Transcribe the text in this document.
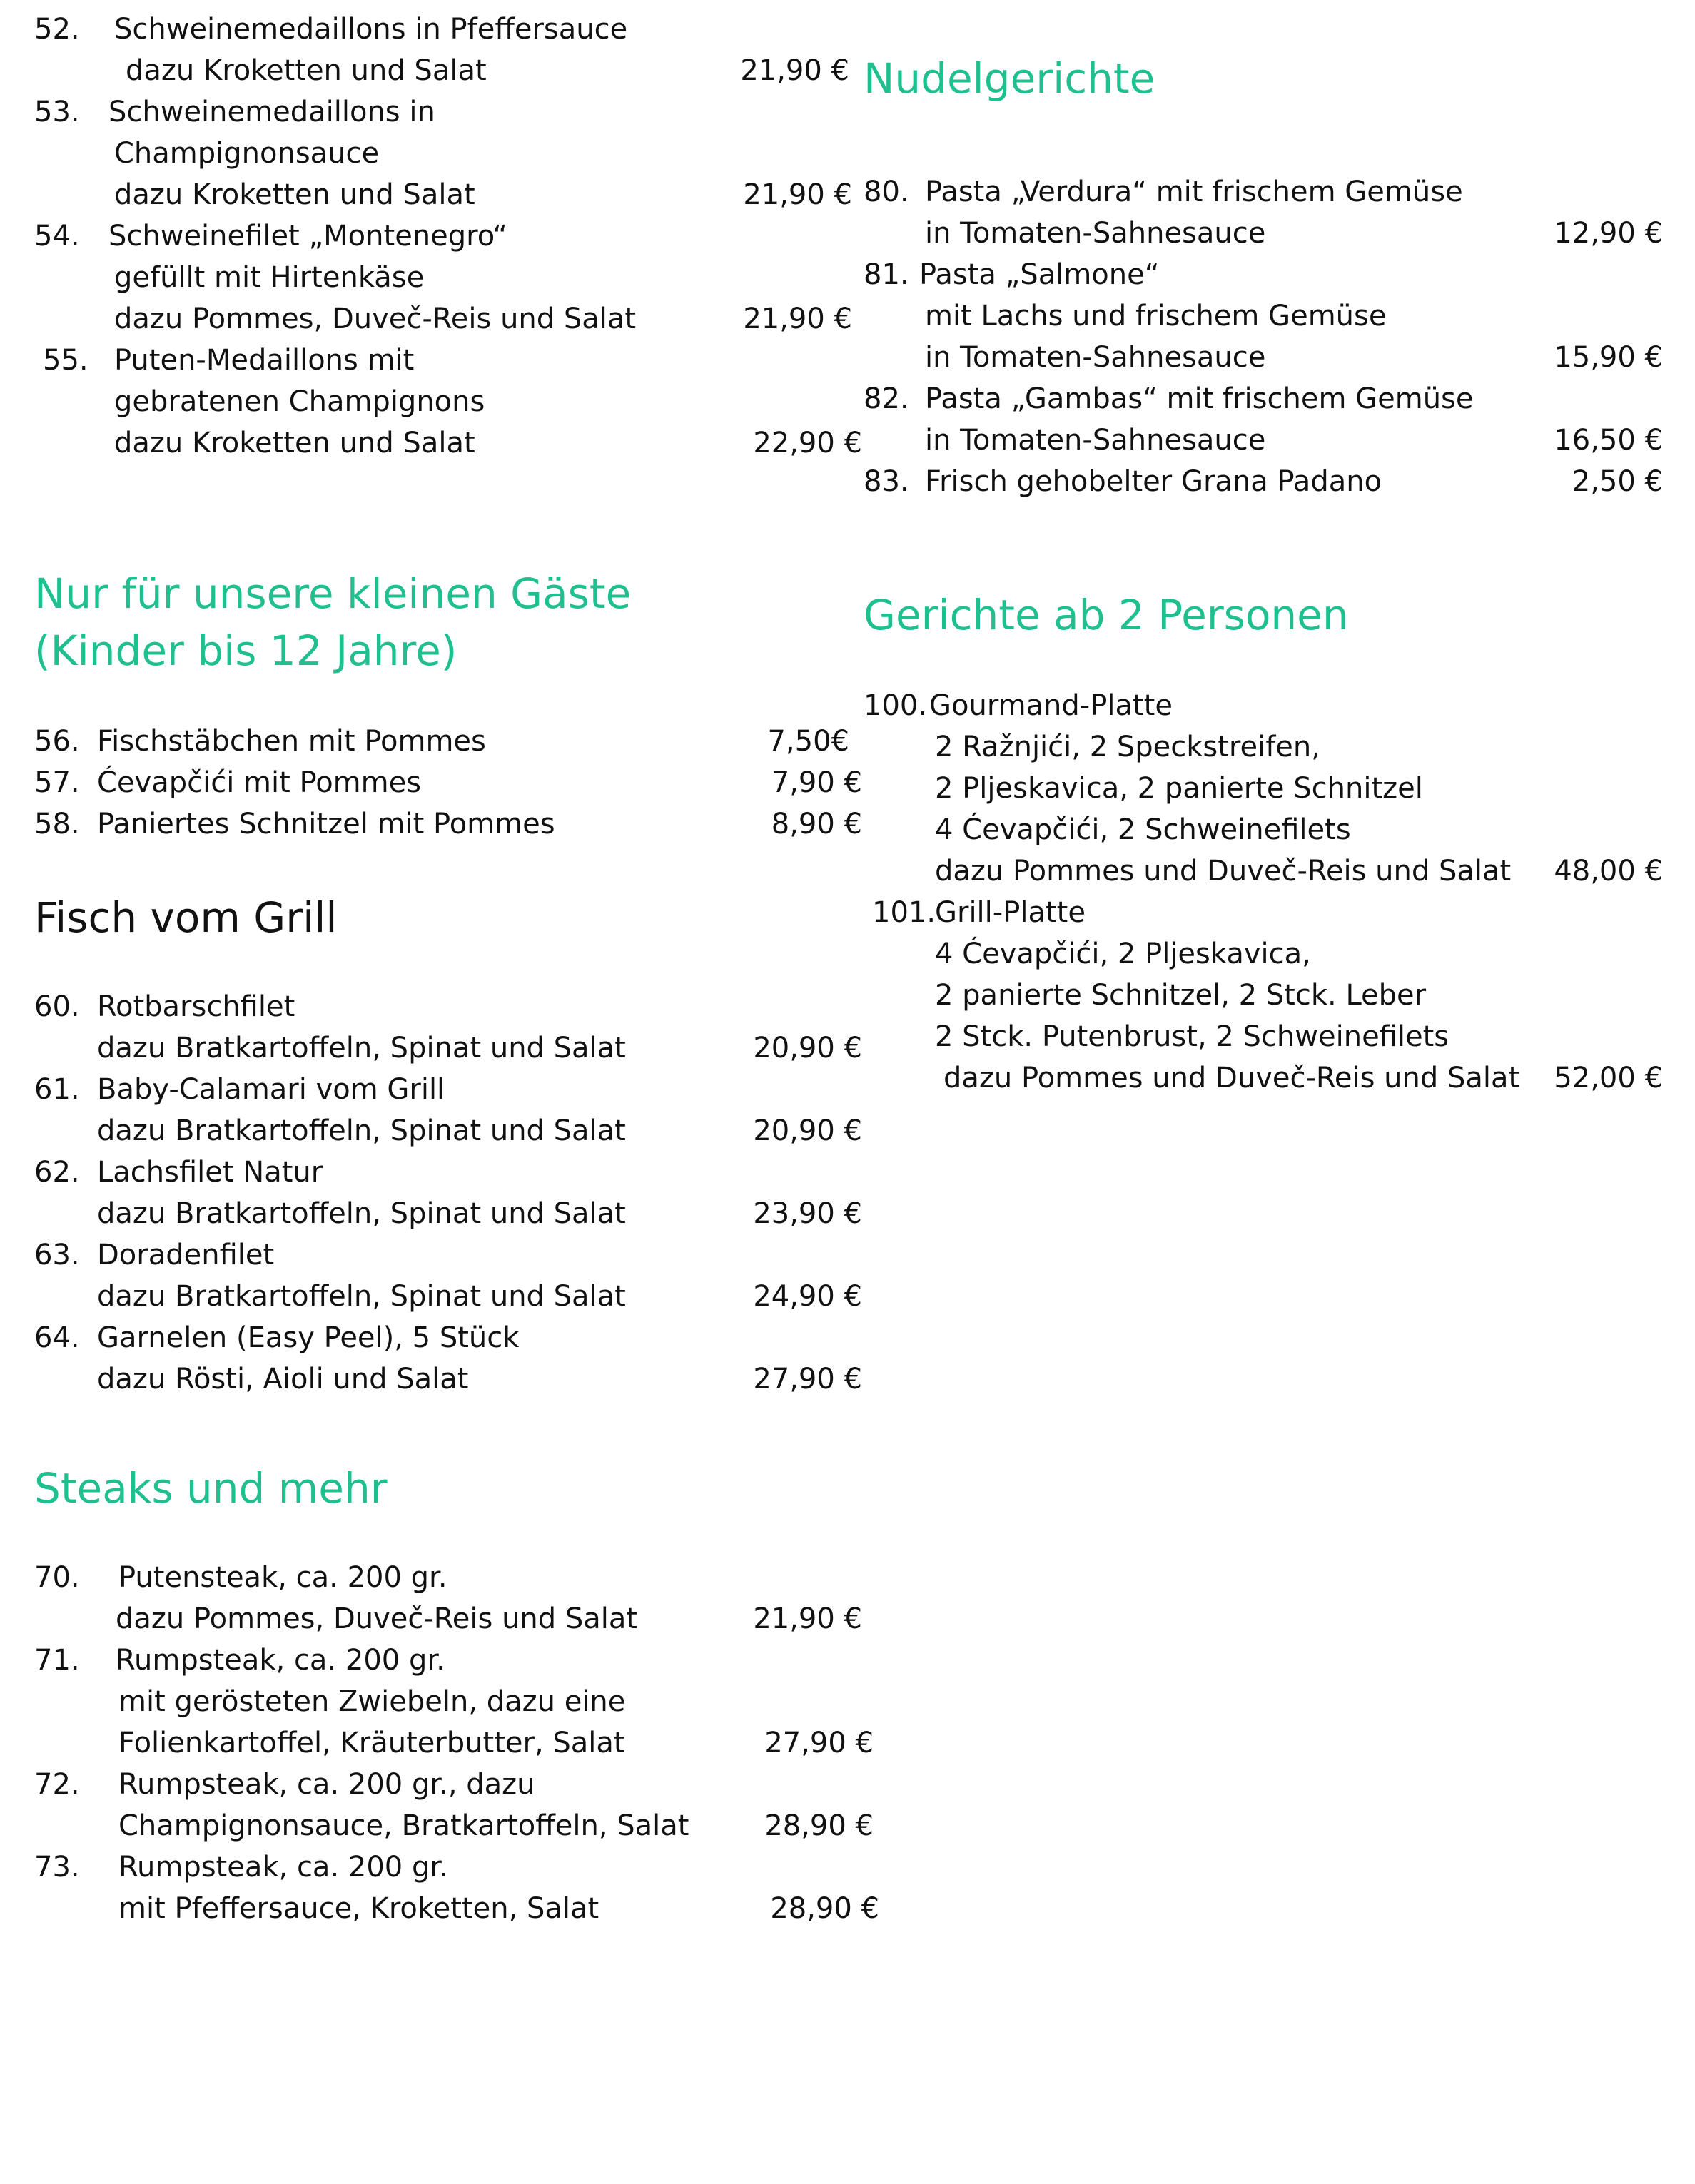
52. Schweinemedaillons in Pfeffersauce
dazu Kroketten und Salat	21,90 €
53. Schweinemedaillons in
Champignonsauce
dazu Kroketten und Salat	21,90 €
54. Schweinefilet „Montenegro“
gefüllt mit Hirtenkäse
dazu Pommes, Duveč-Reis und Salat	21,90 €
55. Puten-Medaillons mit
gebratenen Champignons
dazu Kroketten und Salat	22,90 €
Nur für unsere kleinen Gäste
(Kinder bis 12 Jahre)
56. Fischstäbchen mit Pommes	7,50€
57. Ćevapčići mit Pommes	7,90 €
58. Paniertes Schnitzel mit Pommes	8,90 €
Fisch vom Grill
60. Rotbarschfilet
dazu Bratkartoffeln, Spinat und Salat	20,90 €
61. Baby-Calamari vom Grill
dazu Bratkartoffeln, Spinat und Salat	20,90 €
62. Lachsfilet Natur
dazu Bratkartoffeln, Spinat und Salat	23,90 €
63. Doradenfilet
dazu Bratkartoffeln, Spinat und Salat	24,90 €
64. Garnelen (Easy Peel), 5 Stück
dazu Rösti, Aioli und Salat	27,90 €
Steaks und mehr
70. Putensteak, ca. 200 gr.
dazu Pommes, Duveč-Reis und Salat	21,90 €
71. Rumpsteak, ca. 200 gr.
mit gerösteten Zwiebeln, dazu eine
Folienkartoffel, Kräuterbutter, Salat	27,90 €
72. Rumpsteak, ca. 200 gr., dazu
Champignonsauce, Bratkartoffeln, Salat	28,90 €
73. Rumpsteak, ca. 200 gr.
mit Pfeffersauce, Kroketten, Salat	28,90 €
Nudelgerichte
80. Pasta „Verdura“ mit frischem Gemüse
in Tomaten-Sahnesauce	12,90 €
81. Pasta „Salmone“
mit Lachs und frischem Gemüse
in Tomaten-Sahnesauce	15,90 €
82. Pasta „Gambas“ mit frischem Gemüse
in Tomaten-Sahnesauce	16,50 €
83. Frisch gehobelter Grana Padano	2,50 €
Gerichte ab 2 Personen
100.Gourmand-Platte
2 Ražnjići, 2 Speckstreifen,
2 Pljeskavica, 2 panierte Schnitzel
4 Ćevapčići, 2 Schweinefilets
dazu Pommes und Duveč-Reis und Salat	48,00 €
101.Grill-Platte
4 Ćevapčići, 2 Pljeskavica,
2 panierte Schnitzel, 2 Stck. Leber
2 Stck. Putenbrust, 2 Schweinefilets
dazu Pommes und Duveč-Reis und Salat	52,00 €
